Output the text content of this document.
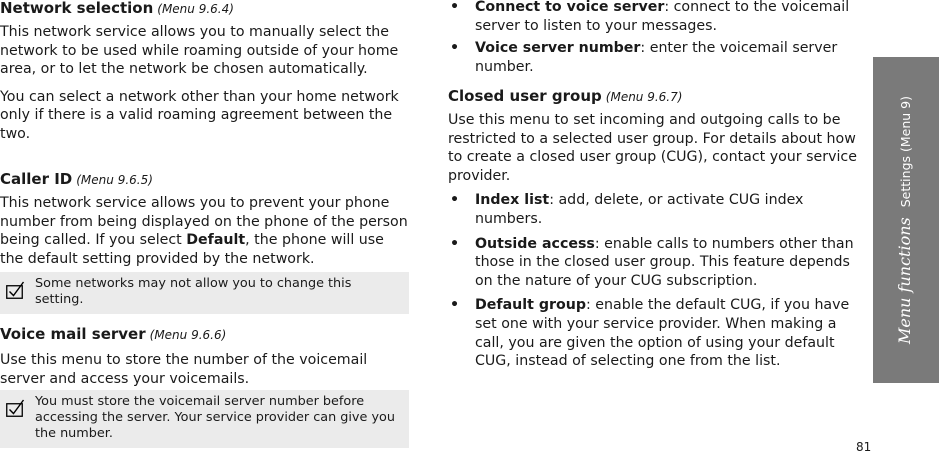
Network selection (Menu 9.6.4)

This network service allows you to manually select the network to be used while roaming outside of your home area, or to let the network be chosen automatically.

You can select a network other than your home network only if there is a valid roaming agreement between the two.

Caller ID (Menu 9.6.5)

This network service allows you to prevent your phone number from being displayed on the phone of the person being called. If you select Default, the phone will use the default setting provided by the network.

Some networks may not allow you to change this setting.
Voice mail server (Menu 9.6.6)

Use this menu to store the number of the voicemail server and access your voicemails.

You must store the voicemail server number before accessing the server. Your service provider can give you the number.
• Connect to voice server: connect to the voicemail server to listen to your messages.
• Voice server number: enter the voicemail server number.
Closed user group (Menu 9.6.7)

Use this menu to set incoming and outgoing calls to be restricted to a selected user group. For details about how to create a closed user group (CUG), contact your service provider.

• Index list: add, delete, or activate CUG index numbers.
• Outside access: enable calls to numbers other than those in the closed user group. This feature depends on the nature of your CUG subscription.
• Default group: enable the default CUG, if you have set one with your service provider. When making a call, you are given the option of using your default CUG, instead of selecting one from the list.
Menu functionsSettings (Menu 9)
81
